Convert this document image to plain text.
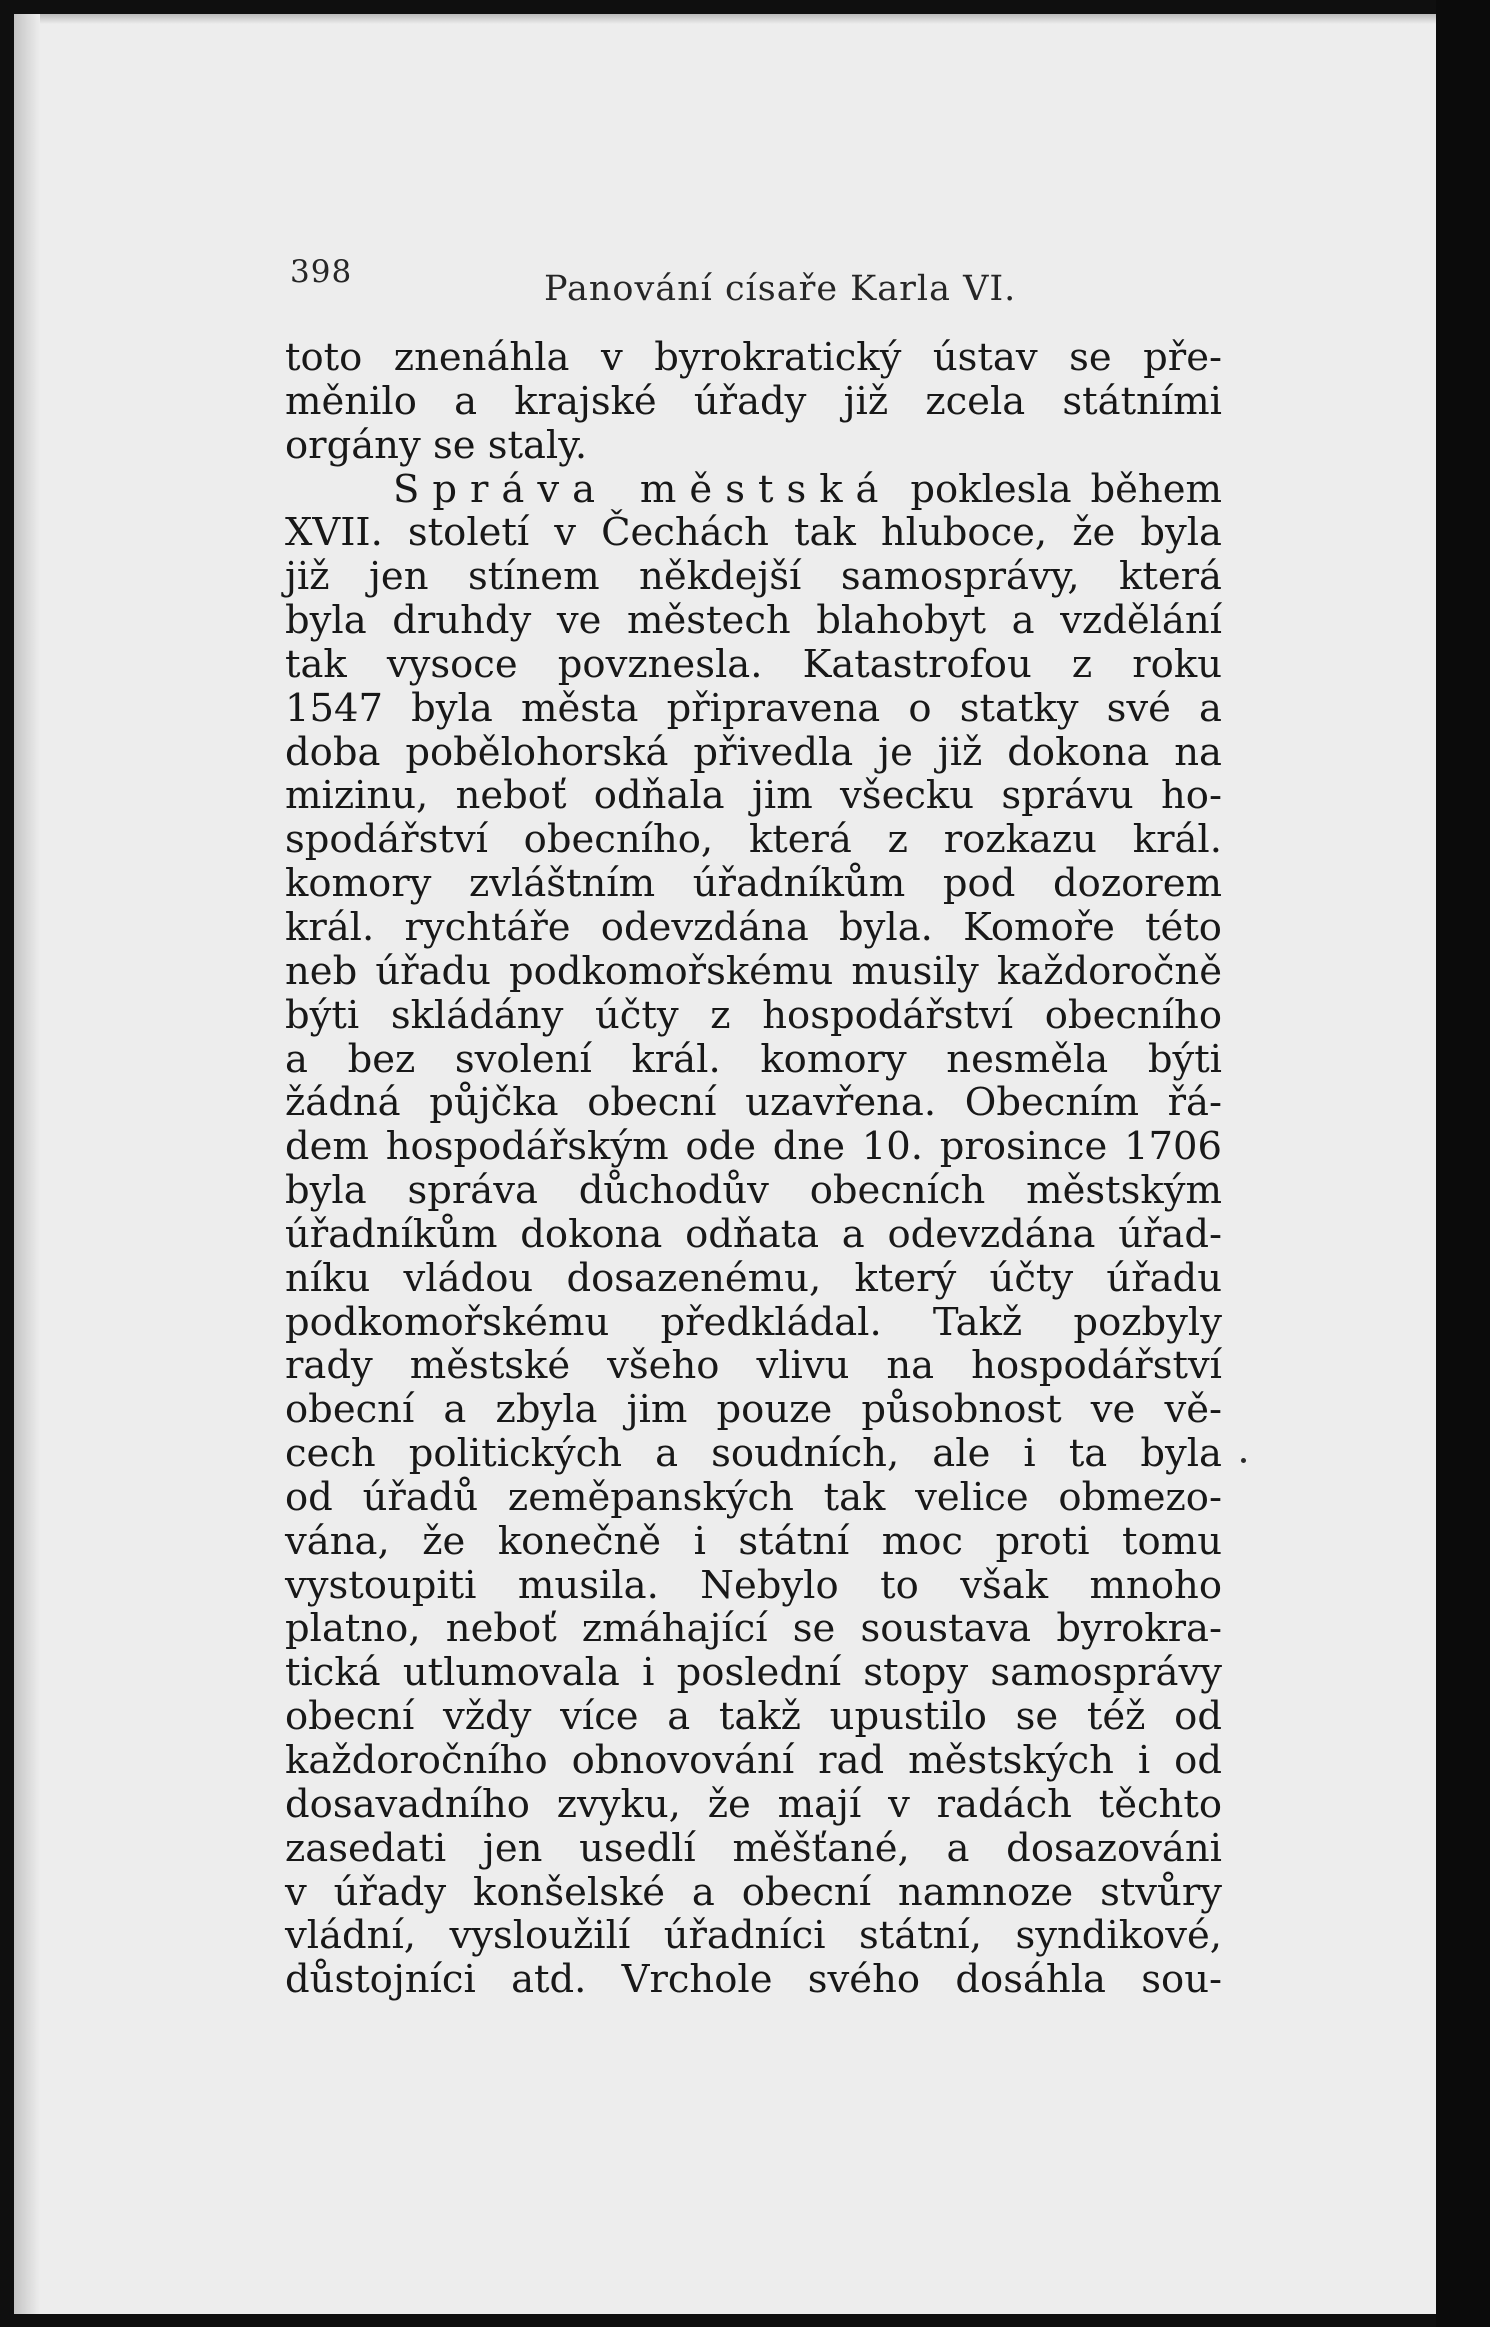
398	Panování císaře Karla VI.
toto znenáhla v byrokratický ústav se pře-
měnilo a krajské úřady již zcela státními
orgány se staly.
Správa městská poklesla během
XVII. století v Čechách tak hluboce, že byla
již jen stínem někdejší samosprávy, která
byla druhdy ve městech blahobyt a vzdělání
tak vysoce povznesla. Katastrofou z roku
1547 byla města připravena o statky své a
doba pobělohorská přivedla je již dokona na
mizinu, neboť odňala jim všecku správu ho-
spodářství obecního, která z rozkazu král.
komory zvláštním úřadníkům pod dozorem
král. rychtáře odevzdána byla. Komoře této
neb úřadu podkomořskému musily každoročně
býti skládány účty z hospodářství obecního
a bez svolení král. komory nesměla býti
žádná půjčka obecní uzavřena. Obecním řá-
dem hospodářským ode dne 10. prosince 1706
byla správa důchodův obecních městským
úřadníkům dokona odňata a odevzdána úřad-
níku vládou dosazenému, který účty úřadu
podkomořskému předkládal. Takž pozbyly
rady městské všeho vlivu na hospodářství
obecní a zbyla jim pouze působnost ve vě-
cech politických a soudních, ale i ta byla
od úřadů zeměpanských tak velice obmezo-
vána, že konečně i státní moc proti tomu
vystoupiti musila. Nebylo to však mnoho
platno, neboť zmáhající se soustava byrokra-
tická utlumovala i poslední stopy samosprávy
obecní vždy více a takž upustilo se též od
každoročního obnovování rad městských i od
dosavadního zvyku, že mají v radách těchto
zasedati jen usedlí měšťané, a dosazováni
v úřady konšelské a obecní namnoze stvůry
vládní, vysloužilí úřadníci státní, syndikové,
důstojníci atd. Vrchole svého dosáhla sou-
